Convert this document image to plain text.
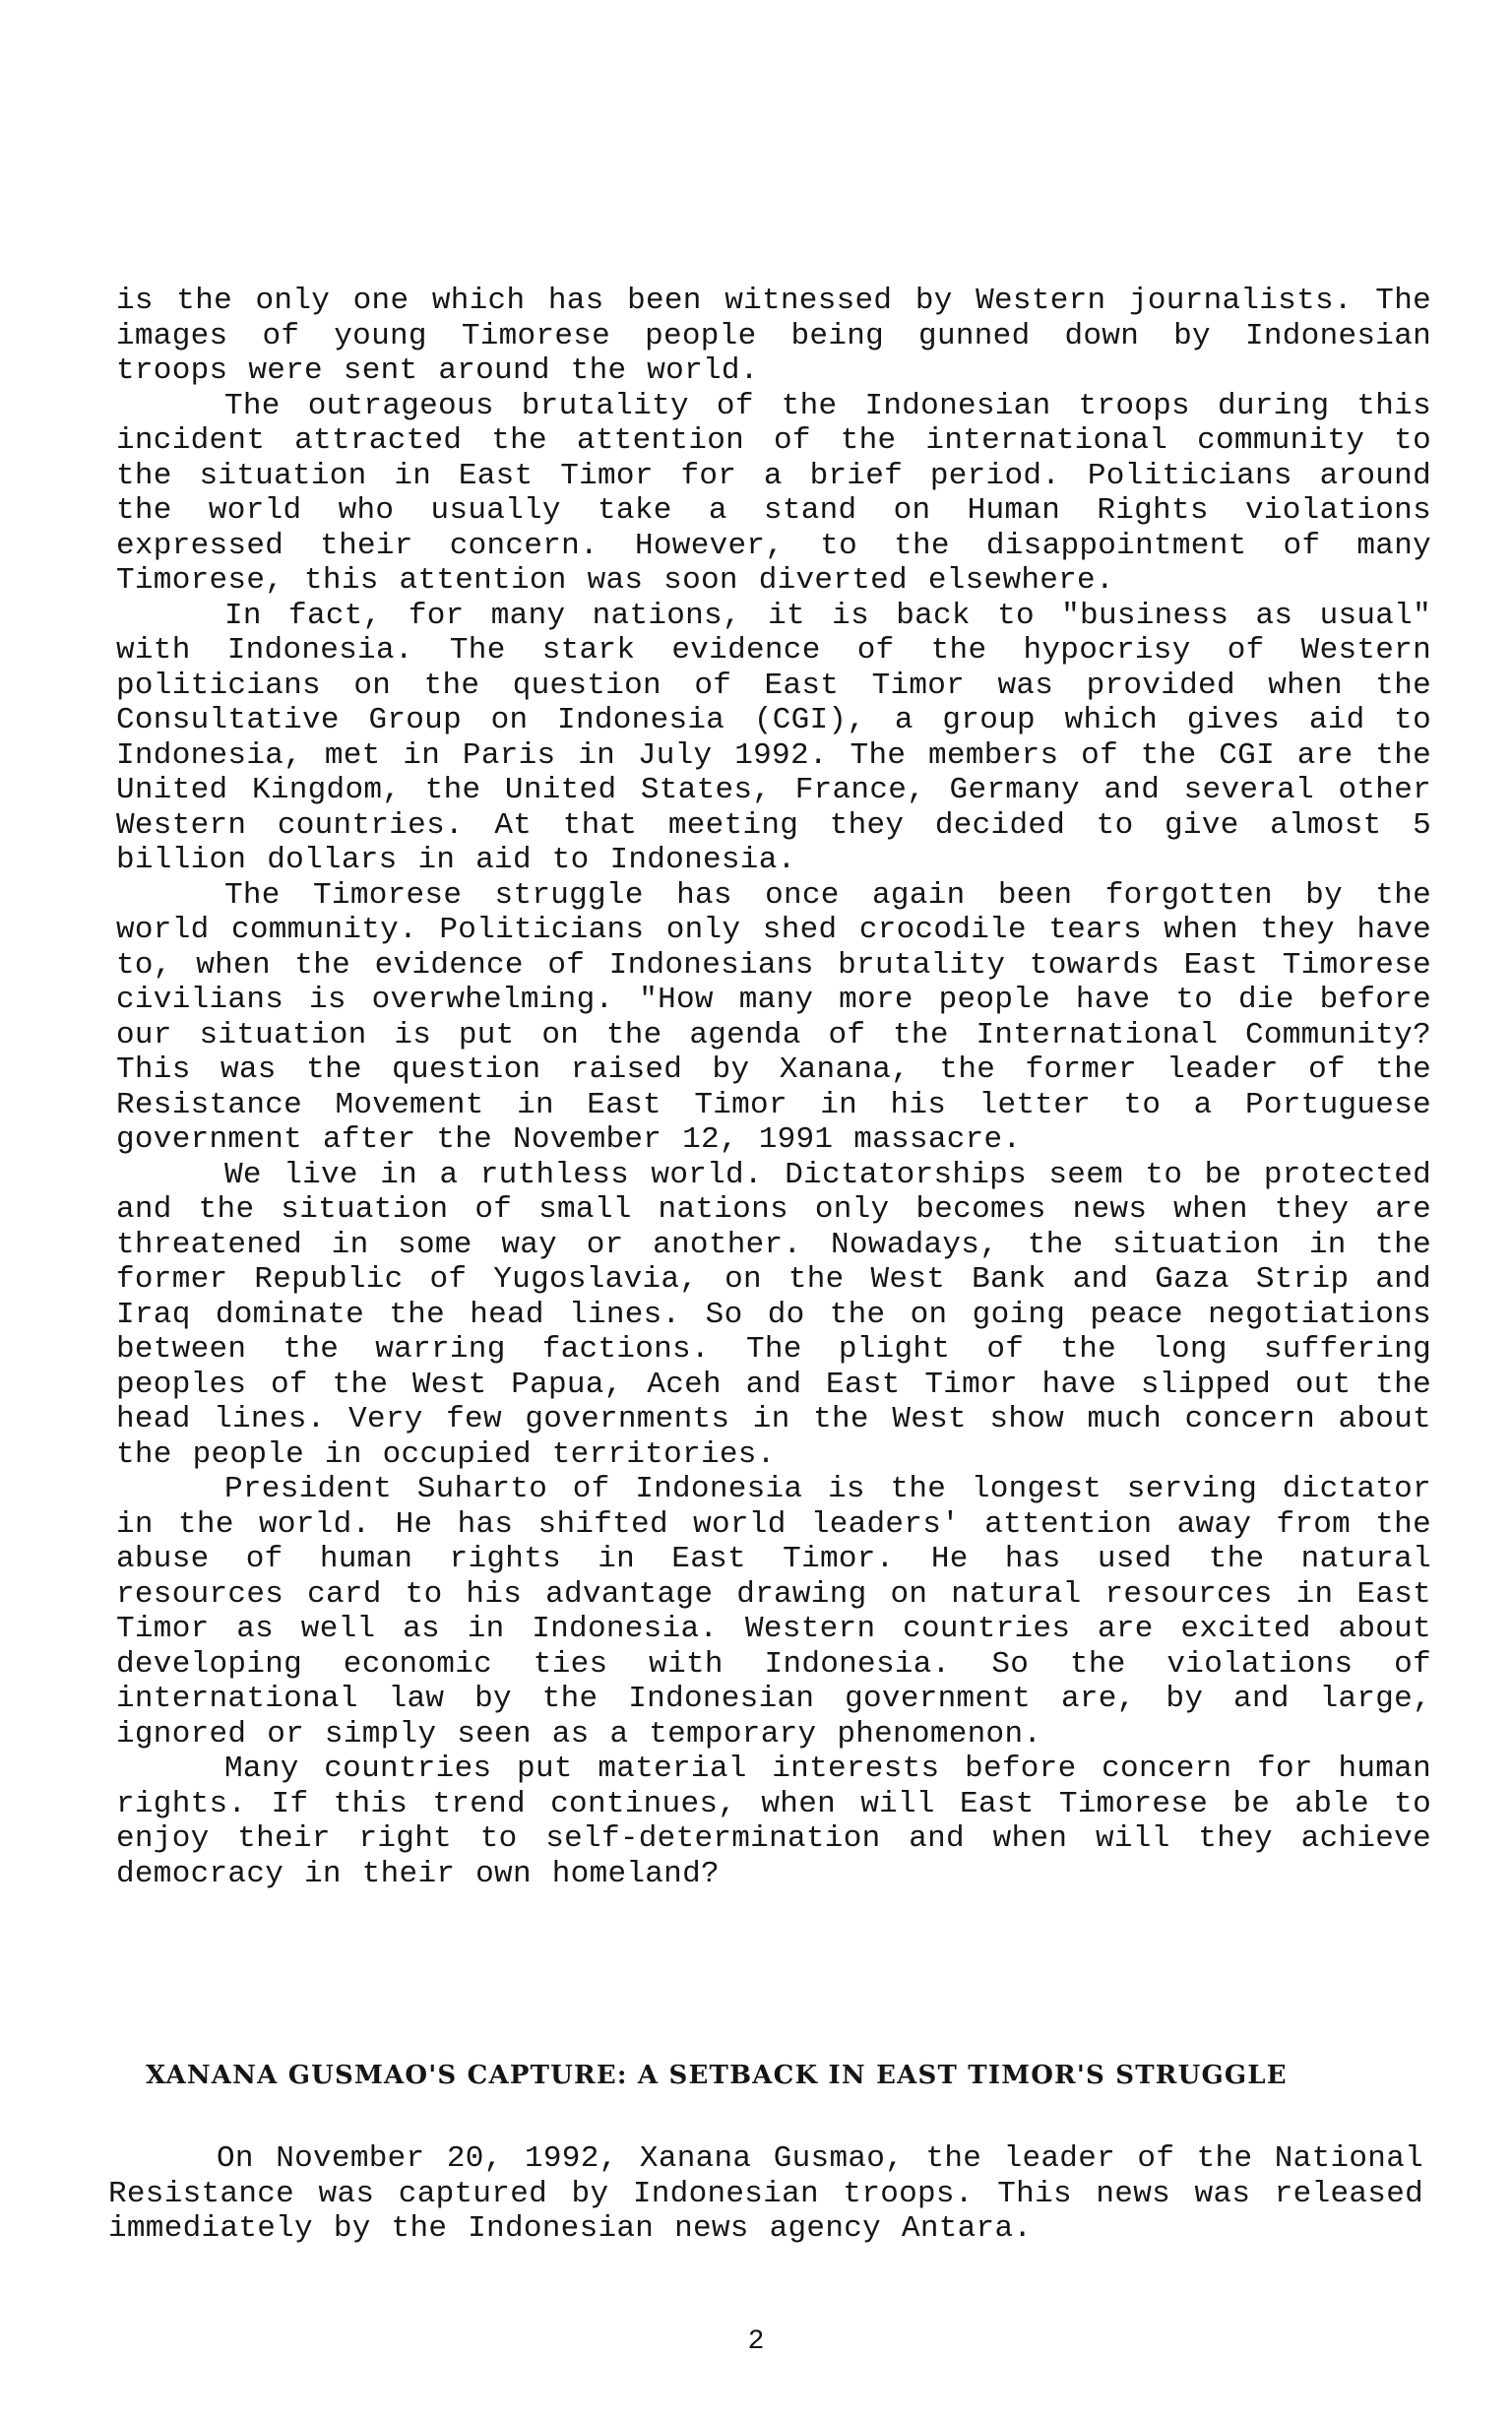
is the only one which has been witnessed by Western journalists. The images of young Timorese people being gunned down by Indonesian troops were sent around the world.

The outrageous brutality of the Indonesian troops during this incident attracted the attention of the international community to the situation in East Timor for a brief period. Politicians around the world who usually take a stand on Human Rights violations expressed their concern. However, to the disappointment of many Timorese, this attention was soon diverted elsewhere.

In fact, for many nations, it is back to "business as usual" with Indonesia. The stark evidence of the hypocrisy of Western politicians on the question of East Timor was provided when the Consultative Group on Indonesia (CGI), a group which gives aid to Indonesia, met in Paris in July 1992. The members of the CGI are the United Kingdom, the United States, France, Germany and several other Western countries. At that meeting they decided to give almost 5 billion dollars in aid to Indonesia.

The Timorese struggle has once again been forgotten by the world community. Politicians only shed crocodile tears when they have to, when the evidence of Indonesians brutality towards East Timorese civilians is overwhelming. "How many more people have to die before our situation is put on the agenda of the International Community? This was the question raised by Xanana, the former leader of the Resistance Movement in East Timor in his letter to a Portuguese government after the November 12, 1991 massacre.

We live in a ruthless world. Dictatorships seem to be protected and the situation of small nations only becomes news when they are threatened in some way or another. Nowadays, the situation in the former Republic of Yugoslavia, on the West Bank and Gaza Strip and Iraq dominate the head lines. So do the on going peace negotiations between the warring factions. The plight of the long suffering peoples of the West Papua, Aceh and East Timor have slipped out the head lines. Very few governments in the West show much concern about the people in occupied territories.

President Suharto of Indonesia is the longest serving dictator in the world. He has shifted world leaders' attention away from the abuse of human rights in East Timor. He has used the natural resources card to his advantage drawing on natural resources in East Timor as well as in Indonesia. Western countries are excited about developing economic ties with Indonesia. So the violations of international law by the Indonesian government are, by and large, ignored or simply seen as a temporary phenomenon.

Many countries put material interests before concern for human rights. If this trend continues, when will East Timorese be able to enjoy their right to self-determination and when will they achieve democracy in their own homeland?

XANANA GUSMAO'S CAPTURE: A SETBACK IN EAST TIMOR'S STRUGGLE

On November 20, 1992, Xanana Gusmao, the leader of the National Resistance was captured by Indonesian troops. This news was released immediately by the Indonesian news agency Antara.

2
